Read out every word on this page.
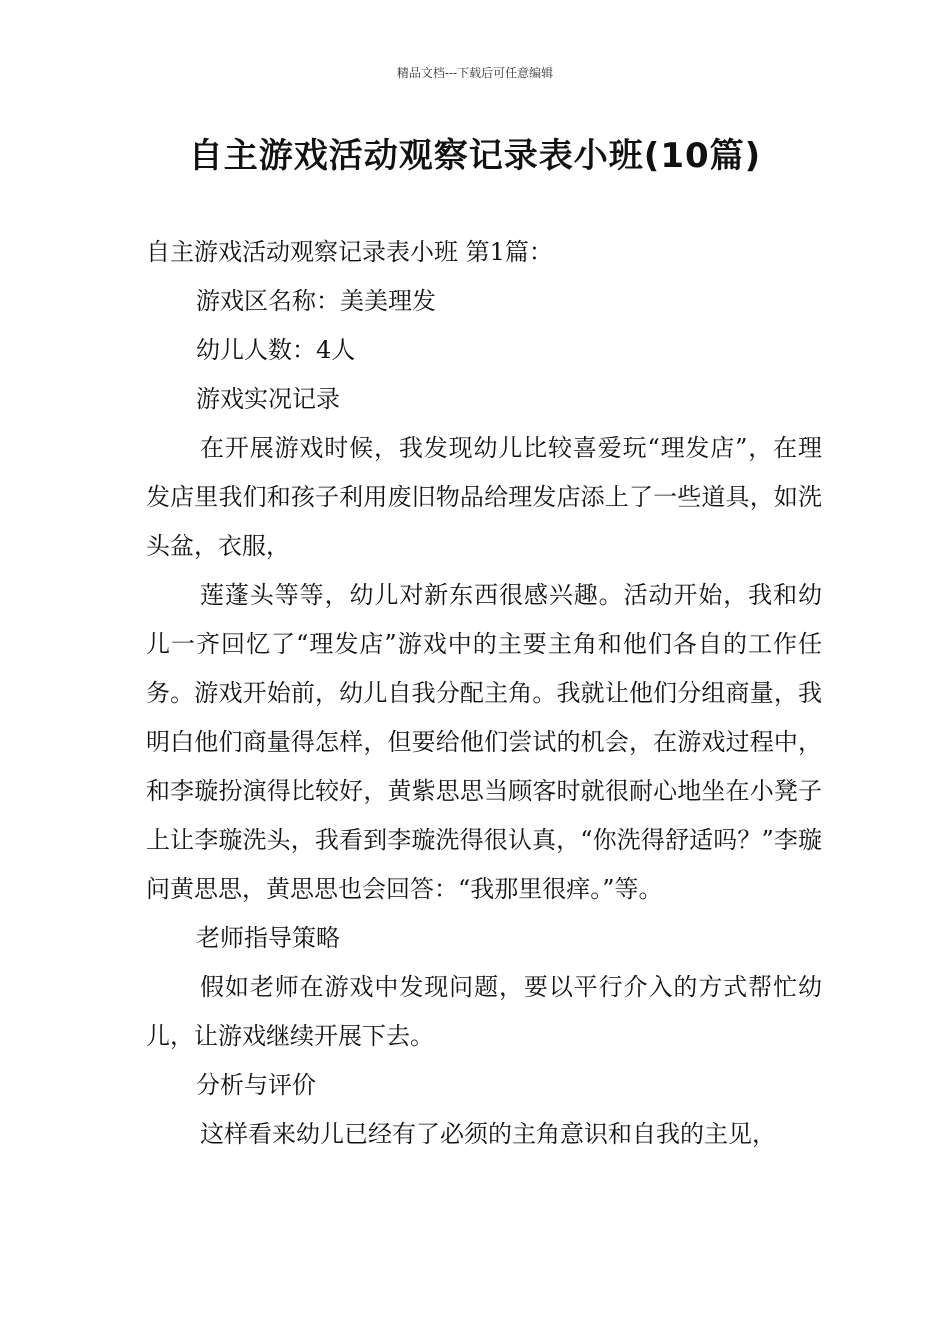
精品文档---下载后可任意编辑
自主游戏活动观察记录表小班(10篇)

自主游戏活动观察记录表小班 第1篇：

游戏区名称：美美理发

幼儿人数：4人

游戏实况记录

在开展游戏时候，我发现幼儿比较喜爱玩“理发店”，在理发店里我们和孩子利用废旧物品给理发店添上了一些道具，如洗头盆，衣服，

莲蓬头等等，幼儿对新东西很感兴趣。活动开始，我和幼儿一齐回忆了“理发店”游戏中的主要主角和他们各自的工作任务。游戏开始前，幼儿自我分配主角。我就让他们分组商量，我明白他们商量得怎样，但要给他们尝试的机会，在游戏过程中，和李璇扮演得比较好，黄紫思思当顾客时就很耐心地坐在小凳子上让李璇洗头，我看到李璇洗得很认真，“你洗得舒适吗？”李璇问黄思思，黄思思也会回答：“我那里很痒。”等。

老师指导策略

假如老师在游戏中发现问题，要以平行介入的方式帮忙幼儿，让游戏继续开展下去。

分析与评价

这样看来幼儿已经有了必须的主角意识和自我的主见，
